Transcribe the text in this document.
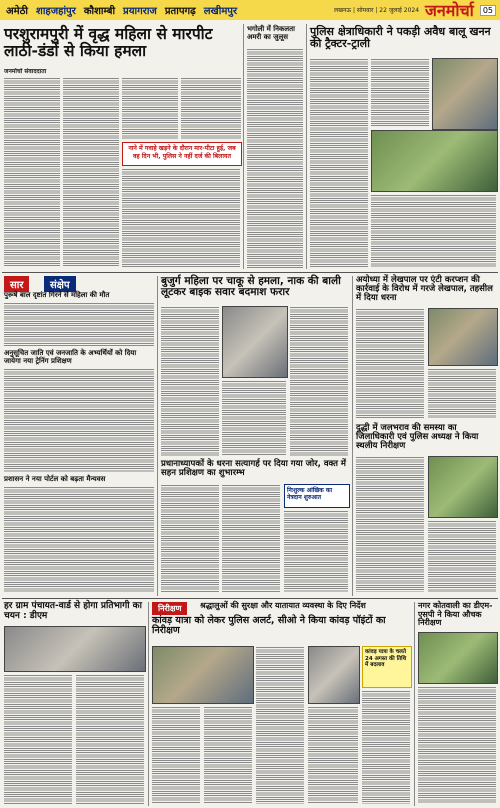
अमेठी शाहजहांपुर कौशाम्बी प्रयागराज प्रतापगढ़ लखीमपुर	लखनऊ | सोमवार | 22 जुलाई 2024 जनमोर्चा	05
परशुरामपुरी में वृद्ध महिला से मारपीट लाठी-डंडों से किया हमला
जनमोर्चा संवाददाता
नाने में गवाहे खड़ने के दौरान मार-पीटा हुई, जब वह दिन भी, पुलिस ने नहीं दर्ज की बिलायत
भगोली में निकलता अमरी का जुलूस	पुलिस क्षेत्राधिकारी ने पकड़ी अवैध बालू खनन की ट्रैक्टर-ट्राली
सार	संक्षेप
पुरूषे बाल दृष्टांत गिरने से महिला की मौत
अनुसूचित जाति एवं जनजाति के अभ्यर्थियों को दिया जायेगा नया ट्रेनिंग प्रशिक्षण
प्रशासन ने नया पोर्टल को बढ़ता मैन्यवस
बुजुर्ग महिला पर चाकू से हमला, नाक की बाली लूटकर बाइक सवार बदमाश फरार
प्रधानाध्यापकों के धरना सत्यागर्ह पर दिया गया जोर, वक्त में सहन प्रशिक्षण का शुभारम्भ
निःशुल्क आंखिक का नेत्रदान शुरुआत
अयोध्या में लेखपाल पर एंटी करप्शन की कार्रवाई के विरोध में गरजे लेखपाल, तहसील में दिया धरना
दुद्धी में जलभराव की समस्या का जिलाधिकारी एवं पुलिस अध्यक्ष ने किया स्थलीय निरीक्षण
हर ग्राम पंचायत-वार्ड से होगा प्रतिभागी का चयन : डीएम
निरीक्षण	श्रद्धालुओं की सुरक्षा और यातायात व्यवस्था के दिए निर्देश
कांवड़ यात्रा को लेकर पुलिस अलर्ट, सीओ ने किया कांवड़ पॉइंटों का निरीक्षण
कांवड़ यात्रा के चलते 24 अगस्त की तिथि में बदलाव
नगर कोतवाली का डीएम-एसपी ने किया औचक निरीक्षण
